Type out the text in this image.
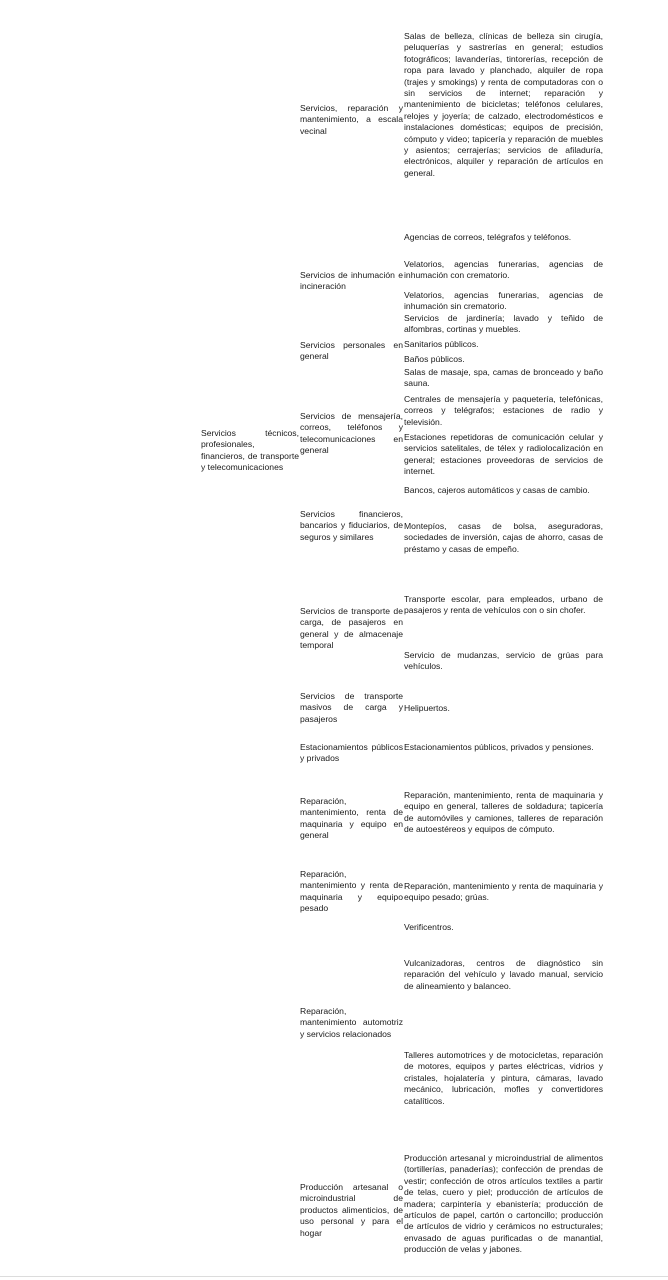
Servicios técnicos, profesionales, financieros, de transporte y telecomunicaciones
Servicios, reparación y mantenimiento, a escala vecinal
Salas de belleza, clínicas de belleza sin cirugía, peluquerías y sastrerías en general; estudios fotográficos; lavanderías, tintorerías, recepción de ropa para lavado y planchado, alquiler de ropa (trajes y smokings) y renta de computadoras con o sin servicios de internet; reparación y mantenimiento de bicicletas; teléfonos celulares, relojes y joyería; de calzado, electrodomésticos e instalaciones domésticas; equipos de precisión, cómputo y video; tapicería y reparación de muebles y asientos; cerrajerías; servicios de afiladuría, electrónicos, alquiler y reparación de artículos en general.
Agencias de correos, telégrafos y teléfonos.
Servicios de inhumación e incineración
Velatorios, agencias funerarias, agencias de inhumación con crematorio.
Velatorios, agencias funerarias, agencias de inhumación sin crematorio.
Servicios personales en general
Servicios de jardinería; lavado y teñido de alfombras, cortinas y muebles.
Sanitarios públicos.
Baños públicos.
Salas de masaje, spa, camas de bronceado y baño sauna.
Servicios de mensajería, correos, teléfonos y telecomunicaciones en general
Centrales de mensajería y paquetería, telefónicas, correos y telégrafos; estaciones de radio y televisión.
Estaciones repetidoras de comunicación celular y servicios satelitales, de télex y radiolocalización en general; estaciones proveedoras de servicios de internet.
Servicios financieros, bancarios y fiduciarios, de seguros y similares
Bancos, cajeros automáticos y casas de cambio.
Montepíos, casas de bolsa, aseguradoras, sociedades de inversión, cajas de ahorro, casas de préstamo y casas de empeño.
Servicios de transporte de carga, de pasajeros en general y de almacenaje temporal
Transporte escolar, para empleados, urbano de pasajeros y renta de vehículos con o sin chofer.
Servicio de mudanzas, servicio de grúas para vehículos.
Servicios de transporte masivos de carga y pasajeros
Helipuertos.
Estacionamientos públicos y privados
Estacionamientos públicos, privados y pensiones.
Reparación, mantenimiento, renta de maquinaria y equipo en general
Reparación, mantenimiento, renta de maquinaria y equipo en general, talleres de soldadura; tapicería de automóviles y camiones, talleres de reparación de autoestéreos y equipos de cómputo.
Reparación, mantenimiento y renta de maquinaria y equipo pesado
Reparación, mantenimiento y renta de maquinaria y equipo pesado; grúas.
Reparación, mantenimiento automotriz y servicios relacionados
Verificentros.
Vulcanizadoras, centros de diagnóstico sin reparación del vehículo y lavado manual, servicio de alineamiento y balanceo.
Talleres automotrices y de motocicletas, reparación de motores, equipos y partes eléctricas, vidrios y cristales, hojalatería y pintura, cámaras, lavado mecánico, lubricación, mofles y convertidores catalíticos.
Producción artesanal o microindustrial de productos alimenticios, de uso personal y para el hogar
Producción artesanal y microindustrial de alimentos (tortillerías, panaderías); confección de prendas de vestir; confección de otros artículos textiles a partir de telas, cuero y piel; producción de artículos de madera; carpintería y ebanistería; producción de artículos de papel, cartón o cartoncillo; producción de artículos de vidrio y cerámicos no estructurales; envasado de aguas purificadas o de manantial, producción de velas y jabones.
